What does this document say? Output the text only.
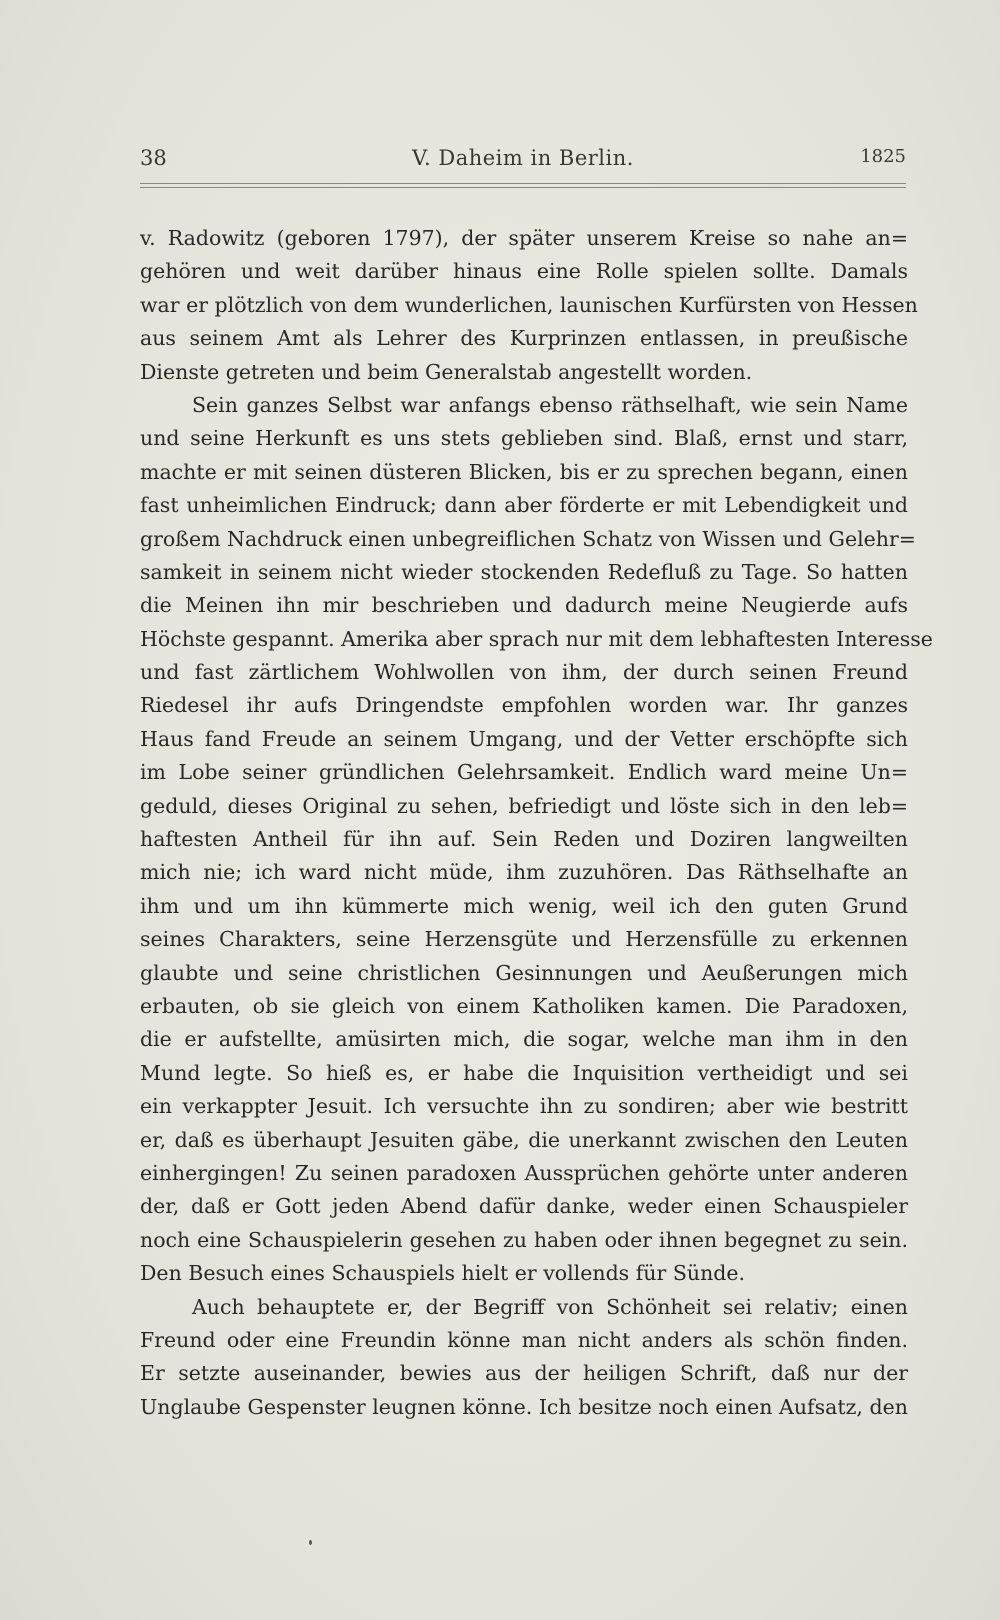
38	V. Daheim in Berlin.	1825
v. Radowitz (geboren 1797), der später unserem Kreise so nahe an=
gehören und weit darüber hinaus eine Rolle spielen sollte. Damals
war er plötzlich von dem wunderlichen, launischen Kurfürsten von Hessen
aus seinem Amt als Lehrer des Kurprinzen entlassen, in preußische
Dienste getreten und beim Generalstab angestellt worden.
Sein ganzes Selbst war anfangs ebenso räthselhaft, wie sein Name
und seine Herkunft es uns stets geblieben sind. Blaß, ernst und starr,
machte er mit seinen düsteren Blicken, bis er zu sprechen begann, einen
fast unheimlichen Eindruck; dann aber förderte er mit Lebendigkeit und
großem Nachdruck einen unbegreiflichen Schatz von Wissen und Gelehr=
samkeit in seinem nicht wieder stockenden Redefluß zu Tage. So hatten
die Meinen ihn mir beschrieben und dadurch meine Neugierde aufs
Höchste gespannt. Amerika aber sprach nur mit dem lebhaftesten Interesse
und fast zärtlichem Wohlwollen von ihm, der durch seinen Freund
Riedesel ihr aufs Dringendste empfohlen worden war. Ihr ganzes
Haus fand Freude an seinem Umgang, und der Vetter erschöpfte sich
im Lobe seiner gründlichen Gelehrsamkeit. Endlich ward meine Un=
geduld, dieses Original zu sehen, befriedigt und löste sich in den leb=
haftesten Antheil für ihn auf. Sein Reden und Doziren langweilten
mich nie; ich ward nicht müde, ihm zuzuhören. Das Räthselhafte an
ihm und um ihn kümmerte mich wenig, weil ich den guten Grund
seines Charakters, seine Herzensgüte und Herzensfülle zu erkennen
glaubte und seine christlichen Gesinnungen und Aeußerungen mich
erbauten, ob sie gleich von einem Katholiken kamen. Die Paradoxen,
die er aufstellte, amüsirten mich, die sogar, welche man ihm in den
Mund legte. So hieß es, er habe die Inquisition vertheidigt und sei
ein verkappter Jesuit. Ich versuchte ihn zu sondiren; aber wie bestritt
er, daß es überhaupt Jesuiten gäbe, die unerkannt zwischen den Leuten
einhergingen! Zu seinen paradoxen Aussprüchen gehörte unter anderen
der, daß er Gott jeden Abend dafür danke, weder einen Schauspieler
noch eine Schauspielerin gesehen zu haben oder ihnen begegnet zu sein.
Den Besuch eines Schauspiels hielt er vollends für Sünde.
Auch behauptete er, der Begriff von Schönheit sei relativ; einen
Freund oder eine Freundin könne man nicht anders als schön finden.
Er setzte auseinander, bewies aus der heiligen Schrift, daß nur der
Unglaube Gespenster leugnen könne. Ich besitze noch einen Aufsatz, den
